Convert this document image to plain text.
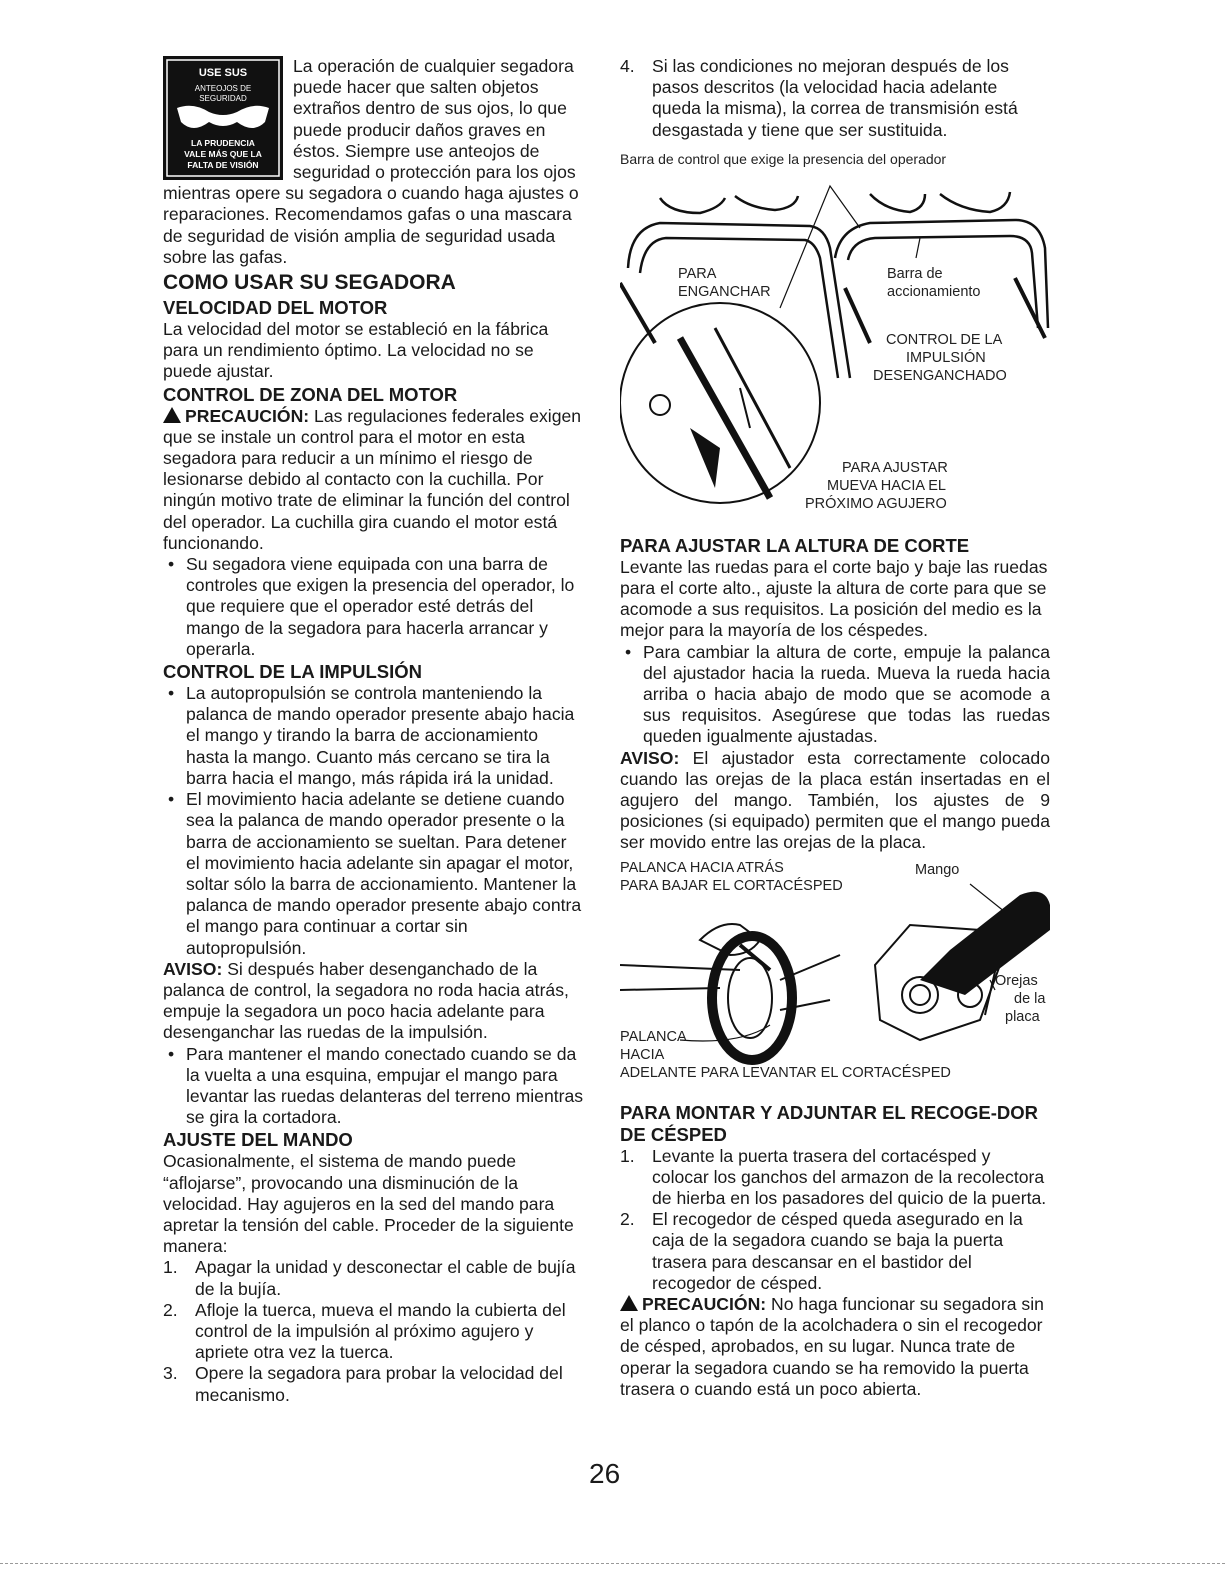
USE SUS
ANTEOJOS DE
SEGURIDAD
LA PRUDENCIA
VALE MÁS QUE LA
FALTA DE VISIÓN

La operación de cualquier segadora puede hacer que salten objetos extraños dentro de sus ojos, lo que puede producir daños graves en éstos. Siempre use anteojos de seguridad o protección para los ojos mientras opere su segadora o cuando haga ajustes o reparaciones. Recomendamos gafas o una mascara de seguridad de visión amplia de seguridad usada sobre las gafas.

COMO USAR SU SEGADORA
VELOCIDAD DEL MOTOR

La velocidad del motor se estableció en la fábrica para un rendimiento óptimo. La velocidad no se puede ajustar.

CONTROL DE ZONA DEL MOTOR

PRECAUCIÓN: Las regulaciones federales exigen que se instale un control para el motor en esta segadora para reducir a un mínimo el riesgo de lesionarse debido al contacto con la cuchilla. Por ningún motivo trate de eliminar la función del control del operador. La cuchilla gira cuando el motor está funcionando.

• Su segadora viene equipada con una barra de controles que exigen la presencia del operador, lo que requiere que el operador esté detrás del mango de la segadora para hacerla arrancar y operarla.

CONTROL DE LA IMPULSIÓN

• La autopropulsión se controla manteniendo la palanca de mando operador presente abajo hacia el mango y tirando la barra de accionamiento hasta la mango. Cuanto más cercano se tira la barra hacia el mango, más rápida irá la unidad.

• El movimiento hacia adelante se detiene cuando sea la palanca de mando operador presente o la barra de accionamiento se sueltan. Para detener el movimiento hacia adelante sin apagar el motor, soltar sólo la barra de accionamiento. Mantener la palanca de mando operador presente abajo contra el mango para continuar a cortar sin autopropulsión.

AVISO: Si después haber desenganchado de la palanca de control, la segadora no roda hacia atrás, empuje la segadora un poco hacia adelante para desenganchar las ruedas de la impulsión.

• Para mantener el mando conectado cuando se da la vuelta a una esquina, empujar el mango para levantar las ruedas delanteras del terreno mientras se gira la cortadora.

AJUSTE DEL MANDO

Ocasionalmente, el sistema de mando puede “aflojarse”, provocando una disminución de la velocidad. Hay agujeros en la sed del mando para apretar la tensión del cable. Proceder de la siguiente manera:

1. Apagar la unidad y desconectar el cable de bujía de la bujía.

2. Afloje la tuerca, mueva el mando la cubierta del control de la impulsión al próximo agujero y apriete otra vez la tuerca.

3. Opere la segadora para probar la velocidad del mecanismo.

4. Si las condiciones no mejoran después de los pasos descritos (la velocidad hacia adelante queda la misma), la correa de transmisión está desgastada y tiene que ser sustituida.

Barra de control que exige la presencia del operador
PARA
ENGANCHAR
Barra de
accionamiento
CONTROL DE LA
IMPULSIÓN
DESENGANCHADO
PARA AJUSTAR
MUEVA HACIA EL
PRÓXIMO AGUJERO
PARA AJUSTAR LA ALTURA DE CORTE

Levante las ruedas para el corte bajo y baje las ruedas para el corte alto., ajuste la altura de corte para que se acomode a sus requisitos. La posición del medio es la mejor para la mayoría de los céspedes.

• Para cambiar la altura de corte, empuje la palanca del ajustador hacia la rueda. Mueva la rueda hacia arriba o hacia abajo de modo que se acomode a sus requisitos. Asegúrese que todas las ruedas queden igualmente ajustadas.

AVISO: El ajustador esta correctamente colocado cuando las orejas de la placa están insertadas en el agujero del mango. También, los ajustes de 9 posiciones (si equipado) permiten que el mango pueda ser movido entre las orejas de la placa.

PALANCA HACIA ATRÁS
PARA BAJAR EL CORTACÉSPED
Mango
Orejas
de la
placa
PALANCA
HACIA
ADELANTE PARA LEVANTAR EL CORTACÉSPED
PARA MONTAR Y ADJUNTAR EL RECOGE-DOR DE CÉSPED

1. Levante la puerta trasera del cortacésped y colocar los ganchos del armazon de la recolectora de hierba en los pasadores del quicio de la puerta.

2. El recogedor de césped queda asegurado en la caja de la segadora cuando se baja la puerta trasera para descansar en el bastidor del recogedor de césped.

PRECAUCIÓN: No haga funcionar su segadora sin el planco o tapón de la acolchadera o sin el recogedor de césped, aprobados, en su lugar. Nunca trate de operar la segadora cuando se ha removido la puerta trasera o cuando está un poco abierta.

26
